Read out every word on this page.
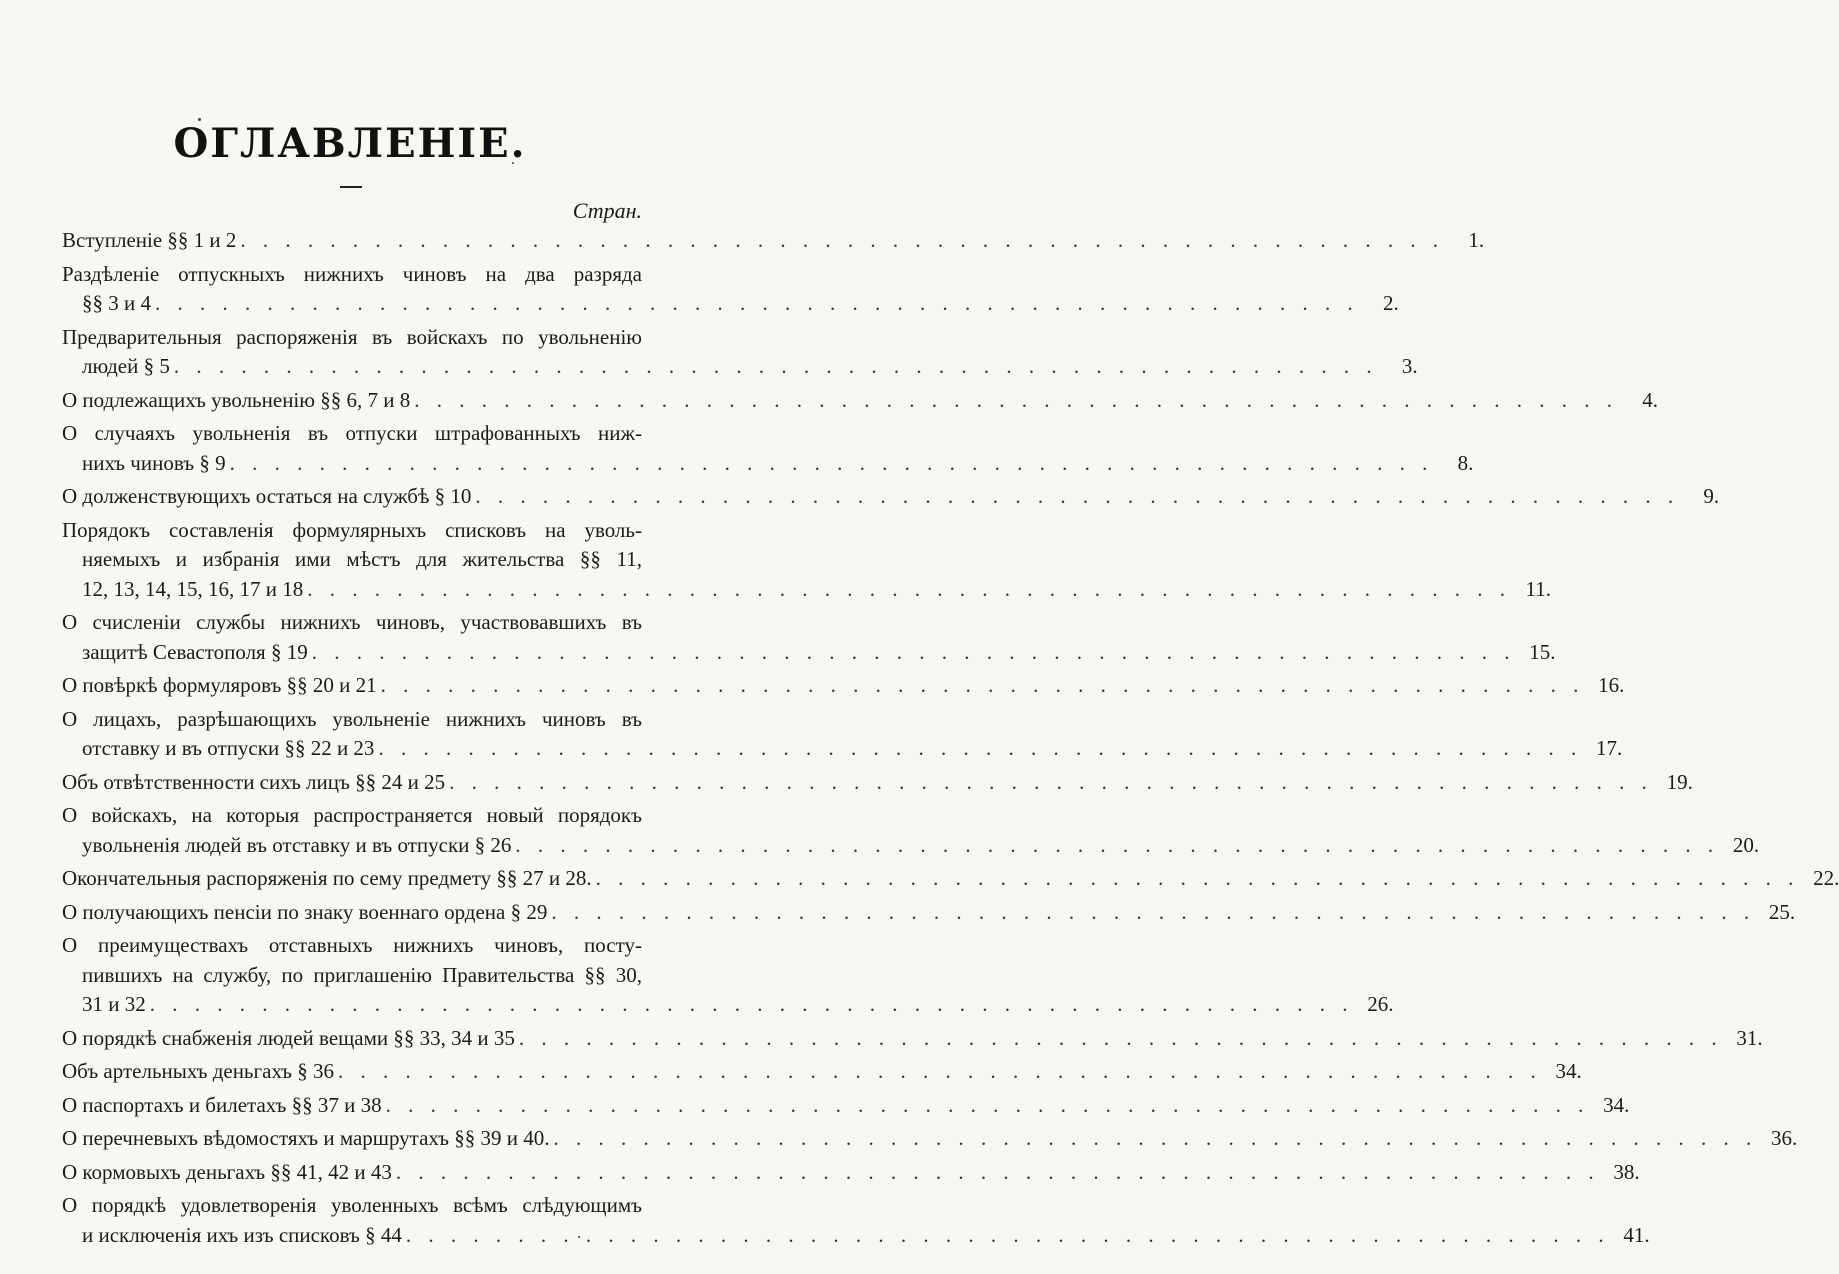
ОГЛАВЛЕНIЕ.
Стран.
Вступленіе §§ 1 и 2 . . . . . . . . . . . . . . . . . . . . . . . . . . . . . . . . . . . . . . . . . . . . . . . . . . . . . .	1.
Раздѣленіе отпускныхъ нижнихъ чиновъ на два разряда
§§ 3 и 4 . . . . . . . . . . . . . . . . . . . . . . . . . . . . . . . . . . . . . . . . . . . . . . . . . . . . . .	2.
Предварительныя распоряженія въ войскахъ по увольненію
людей § 5 . . . . . . . . . . . . . . . . . . . . . . . . . . . . . . . . . . . . . . . . . . . . . . . . . . . . . .	3.
О подлежащихъ увольненію §§ 6, 7 и 8 . . . . . . . . . . . . . . . . . . . . . . . . . . . . . . . . . . . . . . . . . . . . . . . . . . . . . .	4.
О случаяхъ увольненія въ отпуски штрафованныхъ ниж-
нихъ чиновъ § 9 . . . . . . . . . . . . . . . . . . . . . . . . . . . . . . . . . . . . . . . . . . . . . . . . . . . . . .	8.
О долженствующихъ остаться на службѣ § 10 . . . . . . . . . . . . . . . . . . . . . . . . . . . . . . . . . . . . . . . . . . . . . . . . . . . . . .	9.
Порядокъ составленія формулярныхъ списковъ на уволь-
няемыхъ и избранія ими мѣстъ для жительства §§ 11,
12, 13, 14, 15, 16, 17 и 18 . . . . . . . . . . . . . . . . . . . . . . . . . . . . . . . . . . . . . . . . . . . . . . . . . . . . . . 11.
О счисленіи службы нижнихъ чиновъ, участвовавшихъ въ
защитѣ Севастополя § 19 . . . . . . . . . . . . . . . . . . . . . . . . . . . . . . . . . . . . . . . . . . . . . . . . . . . . . . 15.
О повѣркѣ формуляровъ §§ 20 и 21 . . . . . . . . . . . . . . . . . . . . . . . . . . . . . . . . . . . . . . . . . . . . . . . . . . . . . . 16.
О лицахъ, разрѣшающихъ увольненіе нижнихъ чиновъ въ
отставку и въ отпуски §§ 22 и 23 . . . . . . . . . . . . . . . . . . . . . . . . . . . . . . . . . . . . . . . . . . . . . . . . . . . . . . 17.
Объ отвѣтственности сихъ лицъ §§ 24 и 25 . . . . . . . . . . . . . . . . . . . . . . . . . . . . . . . . . . . . . . . . . . . . . . . . . . . . . . 19.
О войскахъ, на которыя распространяется новый порядокъ
увольненія людей въ отставку и въ отпуски § 26 . . . . . . . . . . . . . . . . . . . . . . . . . . . . . . . . . . . . . . . . . . . . . . . . . . . . . . 20.
Окончательныя распоряженія по сему предмету §§ 27 и 28. . . . . . . . . . . . . . . . . . . . . . . . . . . . . . . . . . . . . . . . . . . . . . . . . . . . . . . 22.
О получающихъ пенсіи по знаку военнаго ордена § 29 . . . . . . . . . . . . . . . . . . . . . . . . . . . . . . . . . . . . . . . . . . . . . . . . . . . . . . 25.
О преимуществахъ отставныхъ нижнихъ чиновъ, посту-
пившихъ на службу, по приглашенію Правительства §§ 30,
31 и 32 . . . . . . . . . . . . . . . . . . . . . . . . . . . . . . . . . . . . . . . . . . . . . . . . . . . . . . 26.
О порядкѣ снабженія людей вещами §§ 33, 34 и 35 . . . . . . . . . . . . . . . . . . . . . . . . . . . . . . . . . . . . . . . . . . . . . . . . . . . . . . 31.
Объ артельныхъ деньгахъ § 36 . . . . . . . . . . . . . . . . . . . . . . . . . . . . . . . . . . . . . . . . . . . . . . . . . . . . . . 34.
О паспортахъ и билетахъ §§ 37 и 38 . . . . . . . . . . . . . . . . . . . . . . . . . . . . . . . . . . . . . . . . . . . . . . . . . . . . . . 34.
О перечневыхъ вѣдомостяхъ и маршрутахъ §§ 39 и 40. . . . . . . . . . . . . . . . . . . . . . . . . . . . . . . . . . . . . . . . . . . . . . . . . . . . . . . 36.
О кормовыхъ деньгахъ §§ 41, 42 и 43 . . . . . . . . . . . . . . . . . . . . . . . . . . . . . . . . . . . . . . . . . . . . . . . . . . . . . . 38.
О порядкѣ удовлетворенія уволенныхъ всѣмъ слѣдующимъ
и исключенія ихъ изъ списковъ § 44 . . . . . . . . . . . . . . . . . . . . . . . . . . . . . . . . . . . . . . . . . . . . . . . . . . . . . . 41.
